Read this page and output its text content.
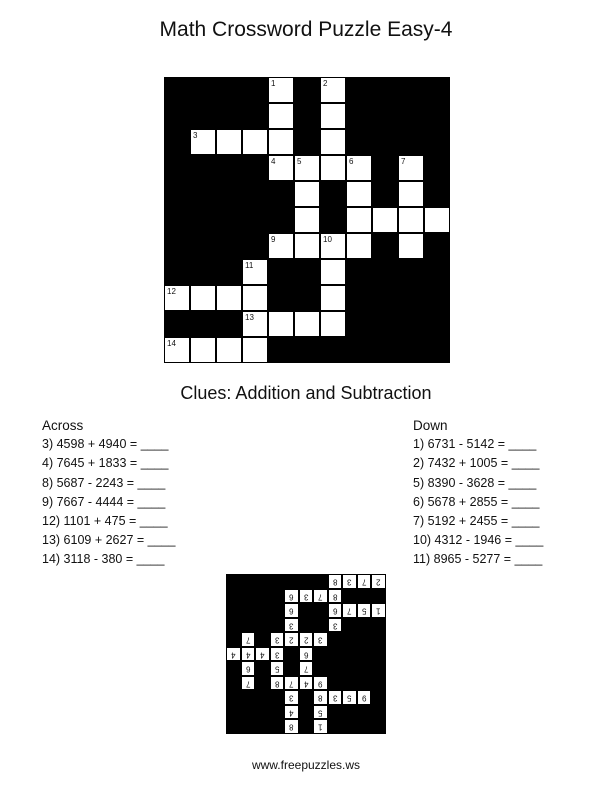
Math Crossword Puzzle Easy-4
1	2
3
4	5	6	7
9	10
11
12
13
14
Clues: Addition and Subtraction
Across
3) 4598 + 4940 = ____
4) 7645 + 1833 = ____
8) 5687 - 2243 = ____
9) 7667 - 4444 = ____
12) 1101 + 475 = ____
13) 6109 + 2627 = ____
14) 3118 - 380 = ____
Down
1) 6731 - 5142 = ____
2) 7432 + 1005 = ____
5) 8390 - 3628 = ____
6) 5678 + 2855 = ____
7) 5192 + 2455 = ____
10) 4312 - 1946 = ____
11) 8965 - 5277 = ____
8	3	7	2
6	3	7	8
6	6	7	5	1
3	3
7	3	2	2	3
4	4	4	3	6
6	5	7
7	8	7	4	9
3	8	3	5	9
4	5
8	1
www.freepuzzles.ws
